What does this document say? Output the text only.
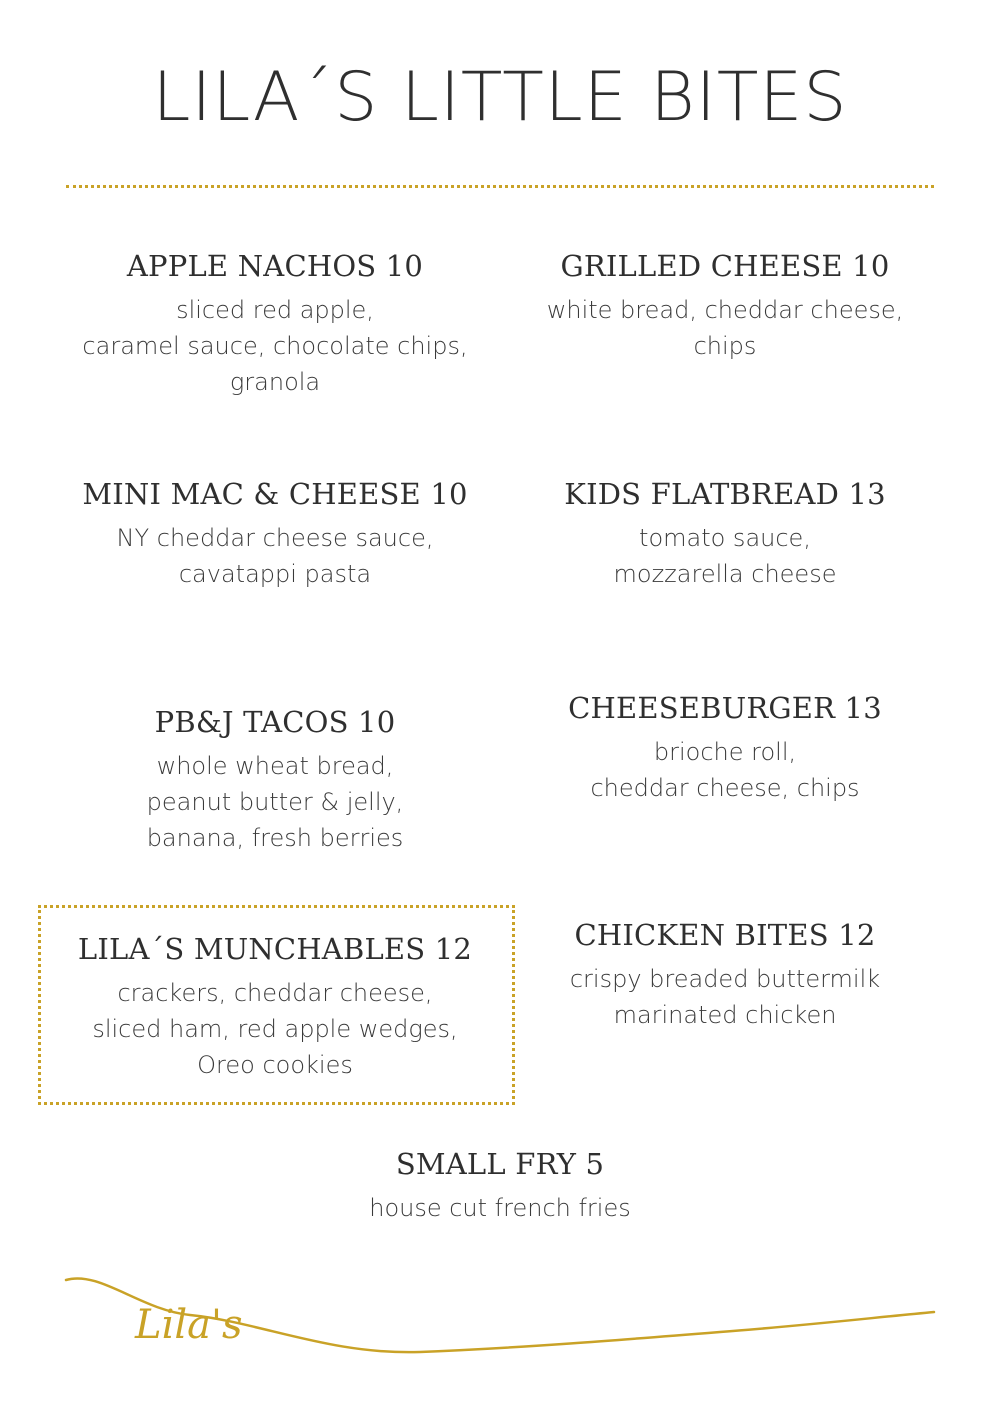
LILA´S LITTLE BITES
APPLE NACHOS 10
sliced red apple,
caramel sauce, chocolate chips,
granola
GRILLED CHEESE 10
white bread, cheddar cheese,
chips
MINI MAC & CHEESE 10
NY cheddar cheese sauce,
cavatappi pasta
KIDS FLATBREAD 13
tomato sauce,
mozzarella cheese
PB&J TACOS 10
whole wheat bread,
peanut butter & jelly,
banana, fresh berries
CHEESEBURGER 13
brioche roll,
cheddar cheese, chips
LILA´S MUNCHABLES 12
crackers, cheddar cheese,
sliced ham, red apple wedges,
Oreo cookies
CHICKEN BITES 12
crispy breaded buttermilk
marinated chicken
SMALL FRY 5
house cut french fries
Lila's
